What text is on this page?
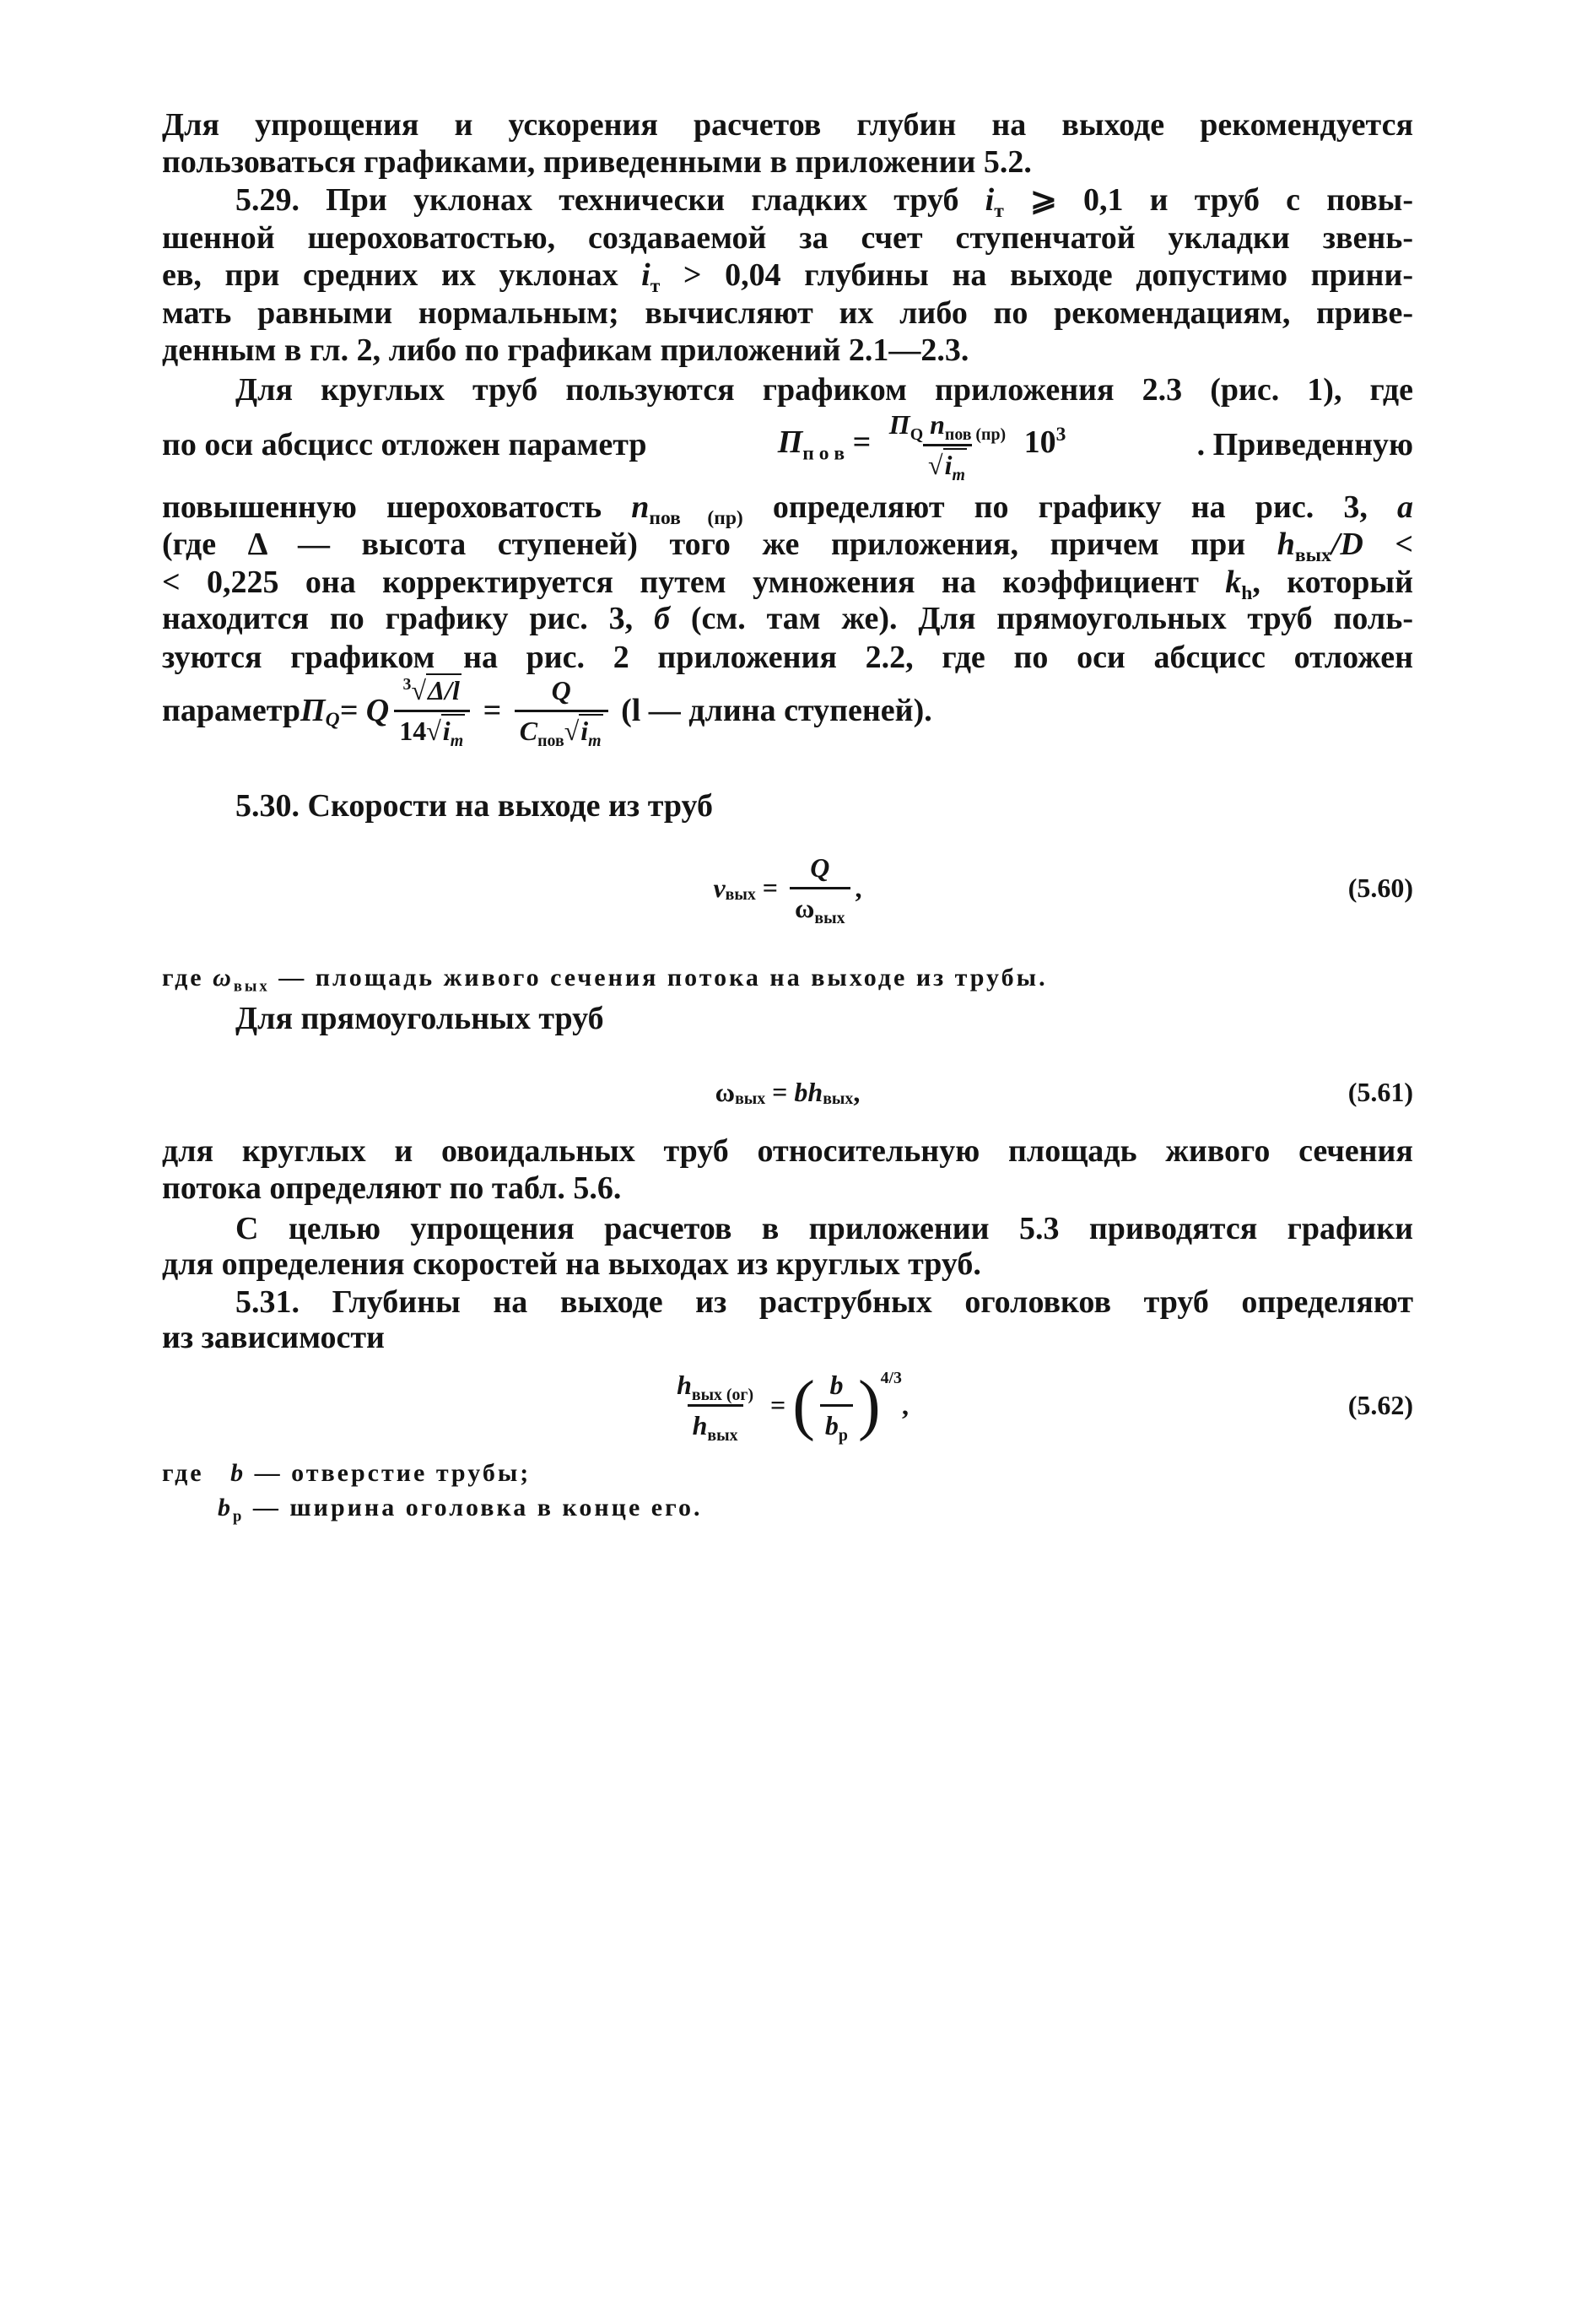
Для упрощения и ускорения расчетов глубин на выходе рекомендуется
пользоваться графиками, приведенными в приложении 5.2.
5.29. При уклонах технически гладких труб $i_т$ ⩾ 0,1 и труб с повы-
шенной шероховатостью, создаваемой за счет ступенчатой укладки звень-
ев, при средних их уклонах $i_т > 0,04$ глубины на выходе допустимо прини-
мать равными нормальным; вычисляют их либо по рекомендациям, приве-
денным в гл. 2, либо по графикам приложений 2.1—2.3.
Для круглых труб пользуются графиком приложения 2.3 (рис. 1), где
повышенную шероховатость $n_{пов (пр)}$ определяют по графику на рис. 3, а
(где Δ — высота ступеней) того же приложения, причем при $h_{вых}/D$ <
< 0,225 она корректируется путем умножения на коэффициент $k_h$, который
находится по графику рис. 3, б (см. там же). Для прямоугольных труб поль-
зуются графиком на рис. 2 приложения 2.2, где по оси абсцисс отложен
5.30. Скорости на выходе из труб
где $\omega_{вых}$ — площадь живого сечения потока на выходе из трубы.
Для прямоугольных труб
для круглых и овоидальных труб относительную площадь живого сечения
потока определяют по табл. 5.6.
С целью упрощения расчетов в приложении 5.3 приводятся графики
для определения скоростей на выходах из круглых труб.
5.31. Глубины на выходе из раструбных оголовков труб определяют
из зависимости
где   b — отверстие трубы;
$b_р$ — ширина оголовка в конце его.
по оси абсцисс отложен параметр	$П_{п о в} = \frac{П_Q n_{пов (пр)}}{√i_т} 10^3$	. Приведенную
параметр $П_Q = Q \frac{^3√\Delta/l}{14√i_т} = \frac{Q}{C_{пов}√i_т} (l$ — длина ступеней).
$v_{вых} = \frac{Q}{\omega_{вых}}$ ,	(5.60)
$\omega_{вых} = b$ $h_{вых}$ ,	(5.61)
$\frac{h_{вых (ог)}}{h_{вых}}$ = ( $\frac{b}{b_р} )^{4/3}$
,	(5.62)
